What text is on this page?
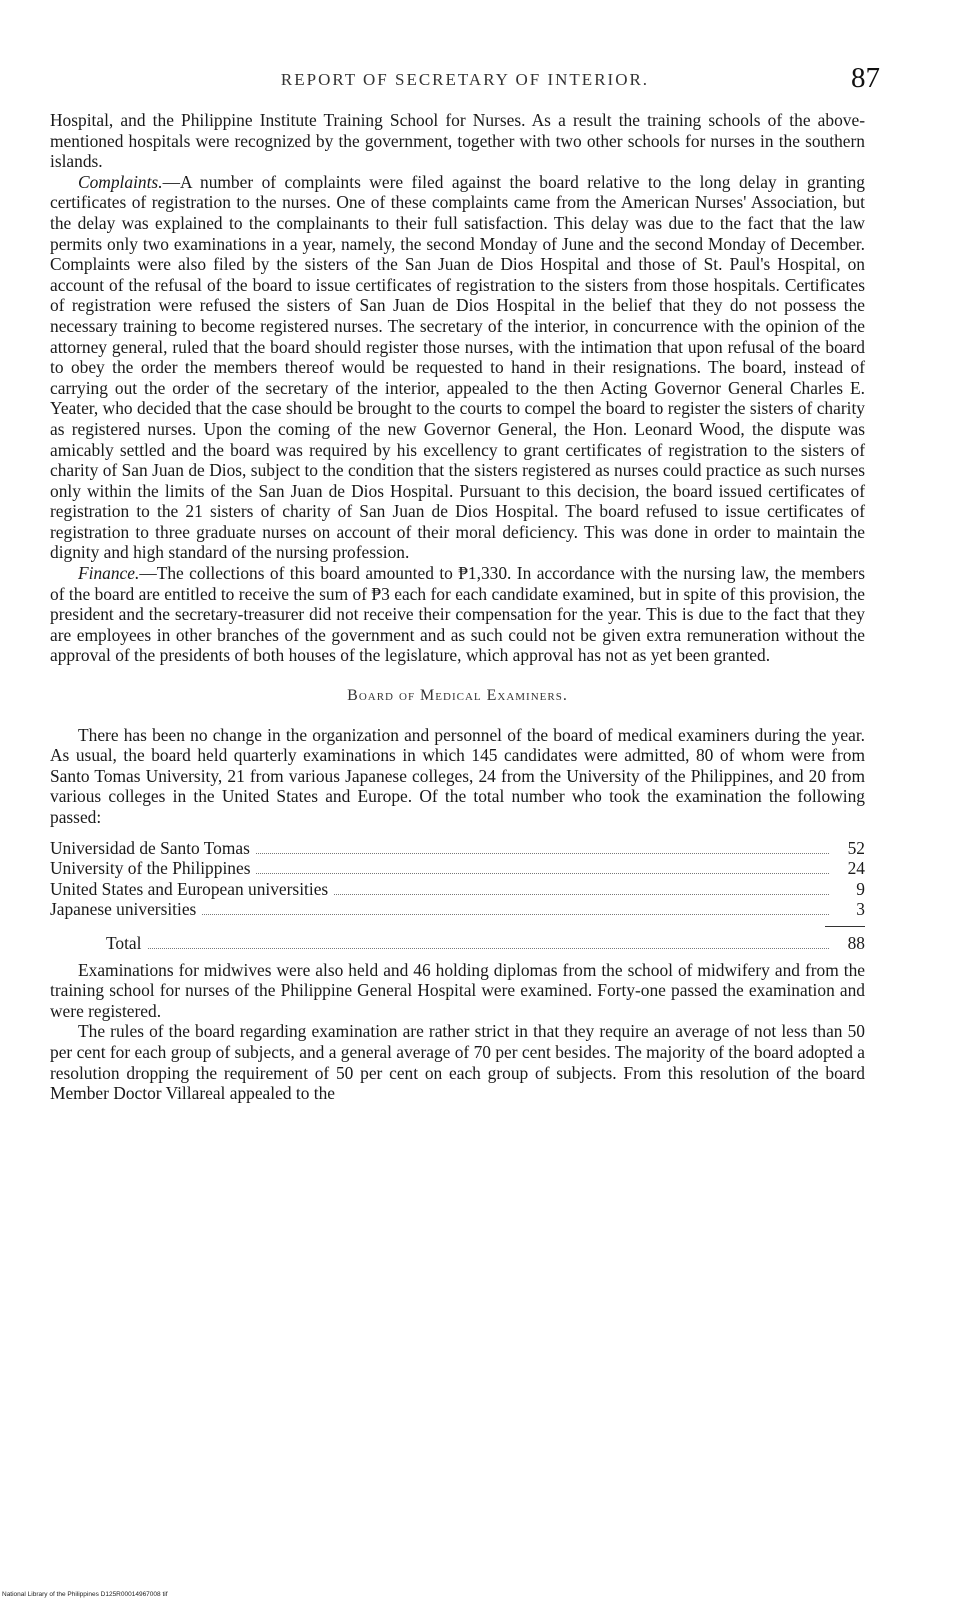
REPORT OF SECRETARY OF INTERIOR.	87

Hospital, and the Philippine Institute Training School for Nurses. As a result the training schools of the above-mentioned hospitals were recognized by the government, together with two other schools for nurses in the southern islands.

Complaints.—A number of complaints were filed against the board relative to the long delay in granting certificates of registration to the nurses. One of these complaints came from the American Nurses' Association, but the delay was explained to the complainants to their full satisfaction. This delay was due to the fact that the law permits only two examinations in a year, namely, the second Monday of June and the second Monday of December. Complaints were also filed by the sisters of the San Juan de Dios Hospital and those of St. Paul's Hospital, on account of the refusal of the board to issue certificates of registration to the sisters from those hospitals. Certificates of registration were refused the sisters of San Juan de Dios Hospital in the belief that they do not possess the necessary training to become registered nurses. The secretary of the interior, in concurrence with the opinion of the attorney general, ruled that the board should register those nurses, with the intimation that upon refusal of the board to obey the order the members thereof would be requested to hand in their resignations. The board, instead of carrying out the order of the secretary of the interior, appealed to the then Acting Governor General Charles E. Yeater, who decided that the case should be brought to the courts to compel the board to register the sisters of charity as registered nurses. Upon the coming of the new Governor General, the Hon. Leonard Wood, the dispute was amicably settled and the board was required by his excellency to grant certificates of registration to the sisters of charity of San Juan de Dios, subject to the condition that the sisters registered as nurses could practice as such nurses only within the limits of the San Juan de Dios Hospital. Pursuant to this decision, the board issued certificates of registration to the 21 sisters of charity of San Juan de Dios Hospital. The board refused to issue certificates of registration to three graduate nurses on account of their moral deficiency. This was done in order to maintain the dignity and high standard of the nursing profession.

Finance.—The collections of this board amounted to ₱1,330. In accordance with the nursing law, the members of the board are entitled to receive the sum of ₱3 each for each candidate examined, but in spite of this provision, the president and the secretary-treasurer did not receive their compensation for the year. This is due to the fact that they are employees in other branches of the government and as such could not be given extra remuneration without the approval of the presidents of both houses of the legislature, which approval has not as yet been granted.

Board of Medical Examiners.

There has been no change in the organization and personnel of the board of medical examiners during the year. As usual, the board held quarterly examinations in which 145 candidates were admitted, 80 of whom were from Santo Tomas University, 21 from various Japanese colleges, 24 from the University of the Philippines, and 20 from various colleges in the United States and Europe. Of the total number who took the examination the following passed:

Universidad de Santo Tomas	52
University of the Philippines	24
United States and European universities	9
Japanese universities	3
Total	88

Examinations for midwives were also held and 46 holding diplomas from the school of midwifery and from the training school for nurses of the Philippine General Hospital were examined. Forty-one passed the examination and were registered.

The rules of the board regarding examination are rather strict in that they require an average of not less than 50 per cent for each group of subjects, and a general average of 70 per cent besides. The majority of the board adopted a resolution dropping the requirement of 50 per cent on each group of subjects. From this resolution of the board Member Doctor Villareal appealed to the

National Library of the Philippines D125R00014967008 tif
